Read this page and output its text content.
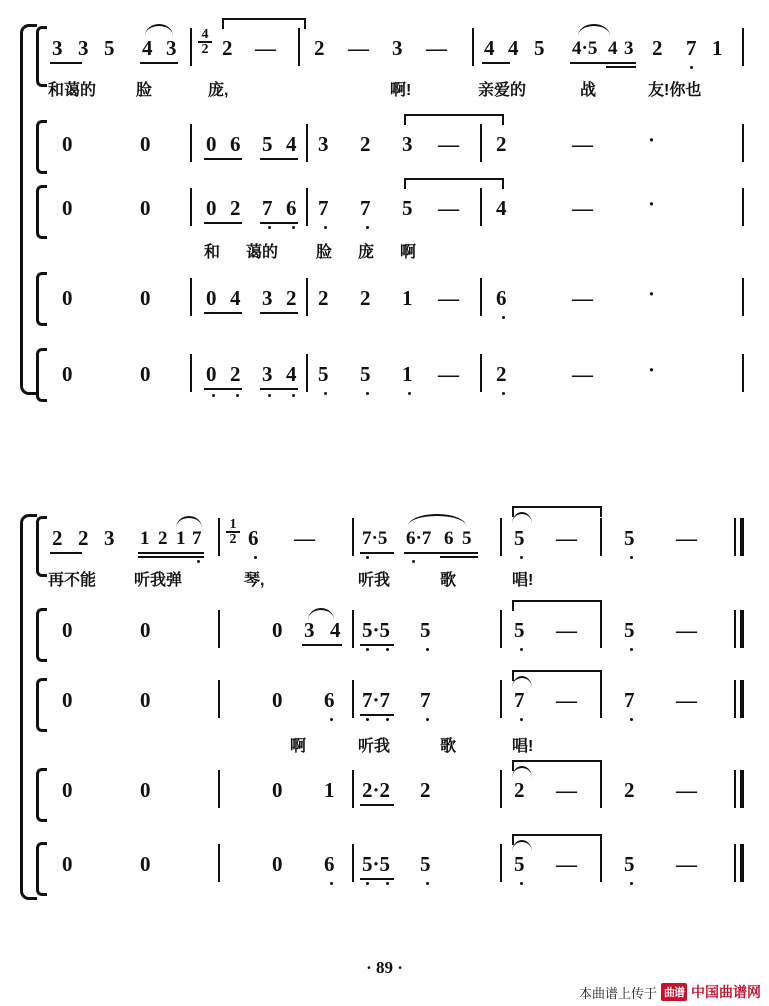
3 3 5 4 $3 \frac{4}{2} 2$ — 2 — 3 — 4 4 5 4·5 4 3 2 7 1
和蔼的 脸	庞,	啊!	亲爱的	战	友!你也
0	0	0 6 5 4 3 2 3 — 2	—	·
0	0	0 2 7 6 7 7 5 — 4	—	·
和 蔼的 脸 庞 啊
0	0	0 4 3 2 2 2 1 — 6	—	·
0	0	0 2 3 4 5 5 1 — 2	—	·
2 2 3 1 2 1 $7 \frac{1}{2} 6$ — 7·5 6·7 6 5 5 — 5 —
再不能 听我弹	琴,	听我	歌	唱!
0	0	0 3 4 5·5 5	5 — 5 —
0	0	0 6 7·7 7	7 — 7 —
啊	听我	歌	唱!
0	0	0 1 2·2 2	2 — 2 —
0	0	0 6 5·5 5	5 — 5 —
· 89 ·
本曲谱上传于 曲谱 中国曲谱网
